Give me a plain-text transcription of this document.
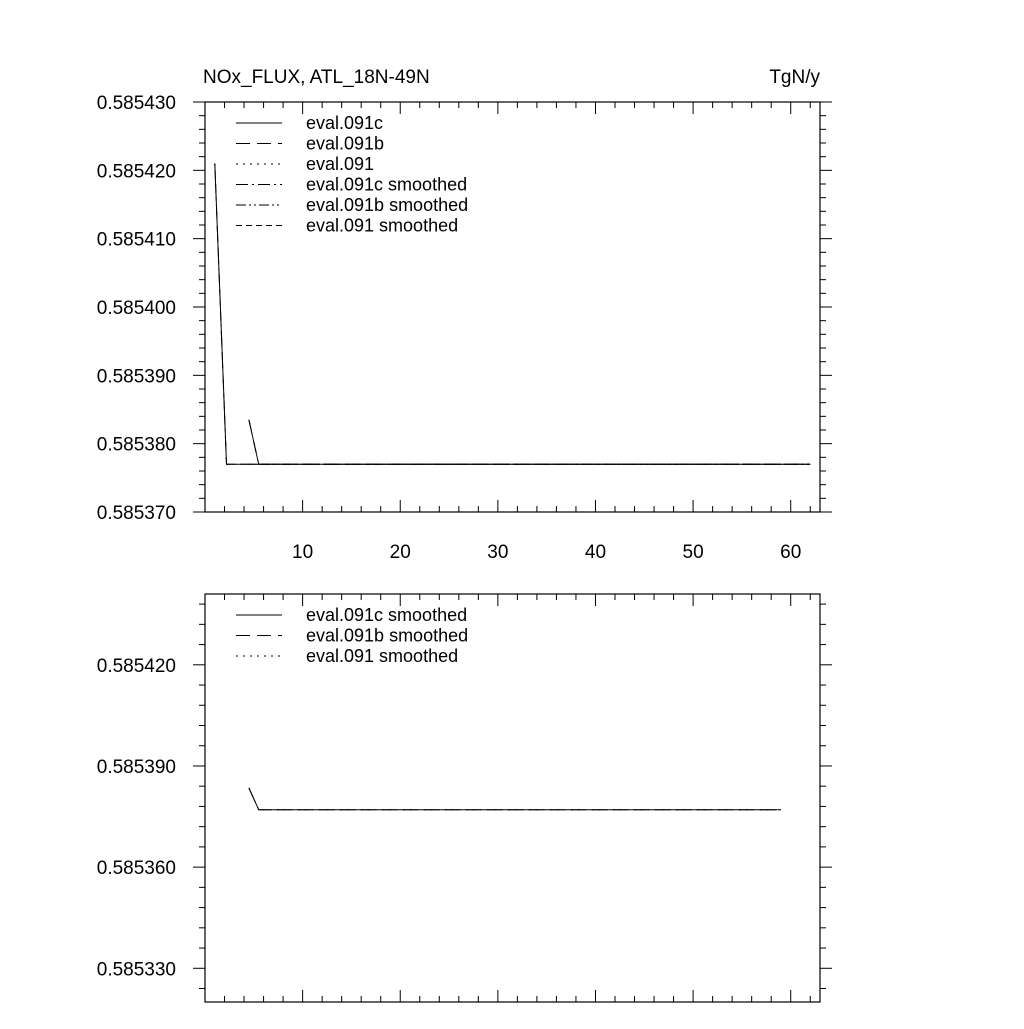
NOx_FLUX, ATL_18N-49N	TgN/y
10	20	30	40	50	60
0.585370
0.585380
0.585390
0.585400
0.585410
0.585420
0.585430
eval.091c
eval.091b
eval.091
eval.091c smoothed
eval.091b smoothed
eval.091 smoothed
0.585330
0.585360
0.585390
0.585420
eval.091c smoothed
eval.091b smoothed
eval.091 smoothed
